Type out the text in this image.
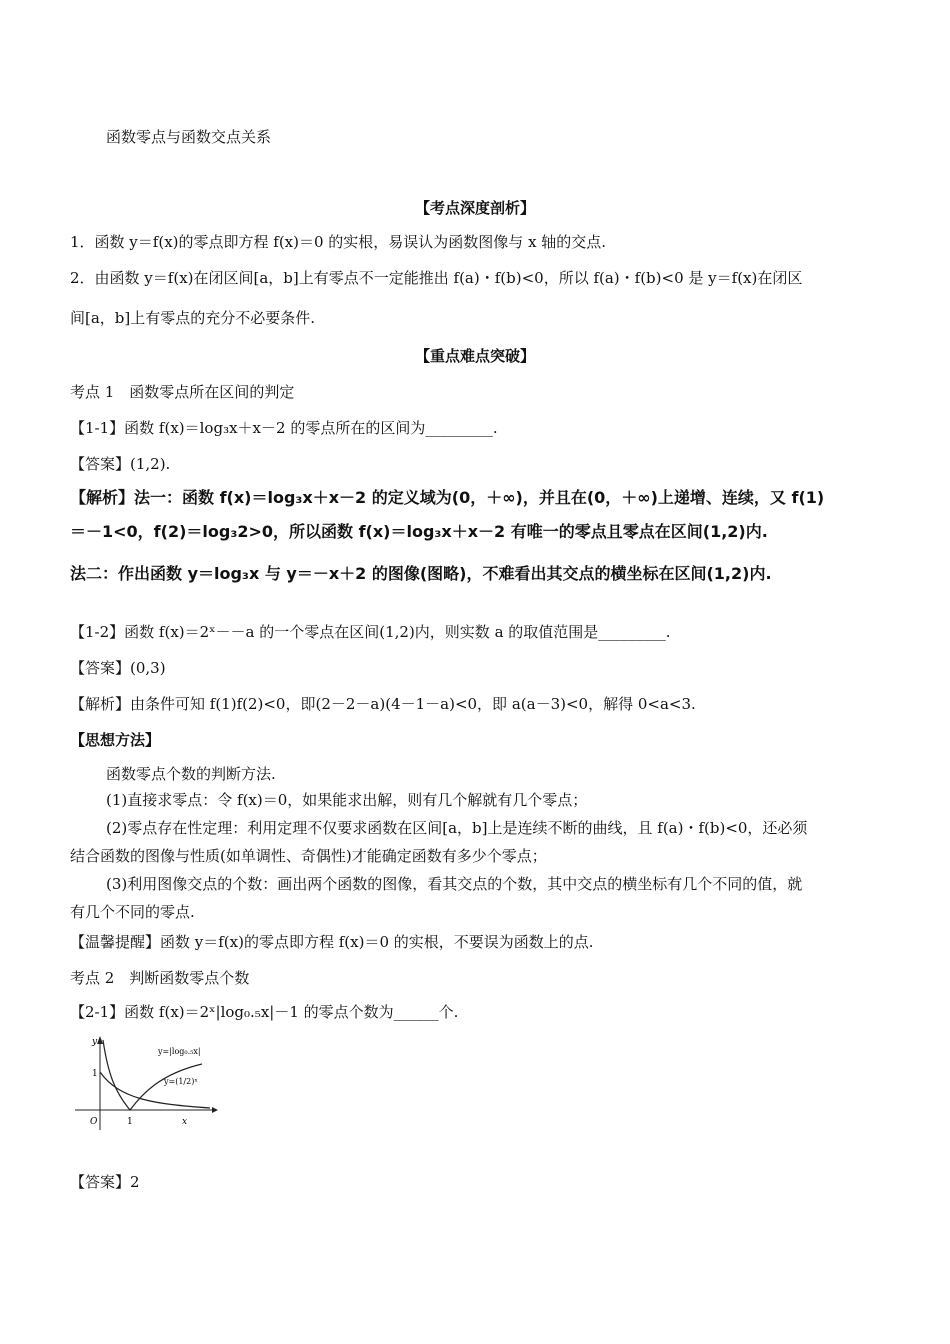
函数零点与函数交点关系
【考点深度剖析】
1．函数 y＝f(x)的零点即方程 f(x)＝0 的实根，易误认为函数图像与 x 轴的交点.
2．由函数 y＝f(x)在闭区间[a，b]上有零点不一定能推出 f(a)・f(b)<0，所以 f(a)・f(b)<0 是 y＝f(x)在闭区
间[a，b]上有零点的充分不必要条件.
【重点难点突破】
考点 1　函数零点所在区间的判定
【1-1】函数 f(x)＝log₃x＋x－2 的零点所在的区间为_________.
【答案】(1,2).
【解析】法一：函数 f(x)＝log₃x＋x－2 的定义域为(0，＋∞)，并且在(0，＋∞)上递增、连续，又 f(1)
＝－1<0，f(2)＝log₃2>0，所以函数 f(x)＝log₃x＋x－2 有唯一的零点且零点在区间(1,2)内.
法二：作出函数 y＝log₃x 与 y＝－x＋2 的图像(图略)，不难看出其交点的横坐标在区间(1,2)内.
【1-2】函数 f(x)＝2ˣ－－a 的一个零点在区间(1,2)内，则实数 a 的取值范围是_________.
【答案】(0,3)
【解析】由条件可知 f(1)f(2)<0，即(2－2－a)(4－1－a)<0，即 a(a－3)<0，解得 0<a<3.
【思想方法】
函数零点个数的判断方法.
(1)直接求零点：令 f(x)＝0，如果能求出解，则有几个解就有几个零点；
(2)零点存在性定理：利用定理不仅要求函数在区间[a，b]上是连续不断的曲线，且 f(a)・f(b)<0，还必须
结合函数的图像与性质(如单调性、奇偶性)才能确定函数有多少个零点；
(3)利用图像交点的个数：画出两个函数的图像，看其交点的个数，其中交点的横坐标有几个不同的值，就
有几个不同的零点.
【温馨提醒】函数 y＝f(x)的零点即方程 f(x)＝0 的实根，不要误为函数上的点.
考点 2　判断函数零点个数
【2-1】函数 f(x)＝2ˣ|log₀.₅x|－1 的零点个数为______个.
y
x
O	1
1
y=|log₀.₅x|
y=(1/2)ˣ
【答案】2
